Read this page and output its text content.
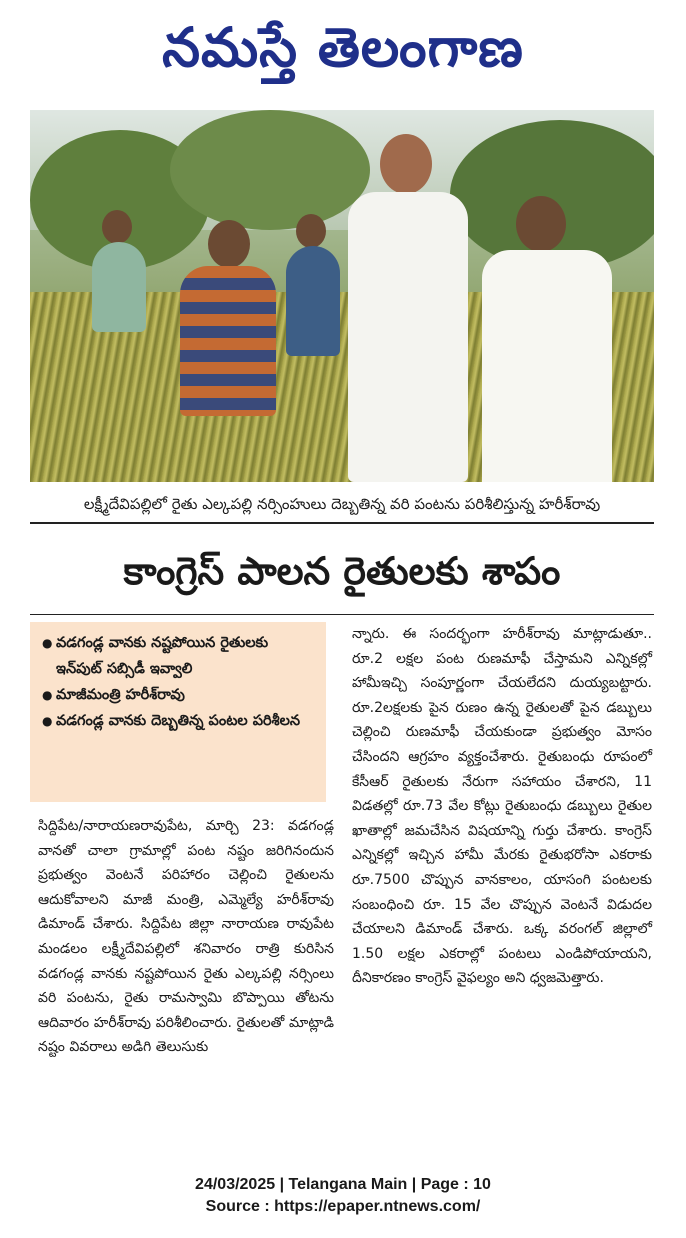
నమస్తే తెలంగాణ
లక్ష్మీదేవిపల్లిలో రైతు ఎల్కపల్లి నర్సింహులు దెబ్బతిన్న వరి పంటను పరిశీలిస్తున్న హరీశ్‌రావు
కాంగ్రెస్ పాలన రైతులకు శాపం
● వడగండ్ల వానకు నష్టపోయిన రైతులకు ఇన్‌పుట్ సబ్సిడీ ఇవ్వాలి
● మాజీమంత్రి హరీశ్‌రావు
● వడగండ్ల వానకు దెబ్బతిన్న పంటల పరిశీలన

సిద్దిపేట/నారాయణరావుపేట, మార్చి 23: వడగండ్ల వానతో చాలా గ్రామాల్లో పంట నష్టం జరిగినందున ప్రభుత్వం వెంటనే పరిహారం చెల్లించి రైతులను ఆదుకోవాలని మాజీ మంత్రి, ఎమ్మెల్యే హరీశ్‌రావు డిమాండ్ చేశారు. సిద్దిపేట జిల్లా నారాయణ రావుపేట మండలం లక్ష్మీదేవిపల్లిలో శనివారం రాత్రి కురిసిన వడగండ్ల వానకు నష్టపోయిన రైతు ఎల్కపల్లి నర్సింలు వరి పంటను, రైతు రామస్వామి బొప్పాయి తోటను ఆదివారం హరీశ్‌రావు పరిశీలించారు. రైతులతో మాట్లాడి నష్టం వివరాలు అడిగి తెలుసుకు

న్నారు. ఈ సందర్భంగా హరీశ్‌రావు మాట్లాడుతూ.. రూ.2 లక్షల పంట రుణమాఫీ చేస్తామని ఎన్నికల్లో హామీఇచ్చి సంపూర్ణంగా చేయలేదని దుయ్యబట్టారు. రూ.2లక్షలకు పైన రుణం ఉన్న రైతులతో పైన డబ్బులు చెల్లించి రుణమాఫీ చేయకుండా ప్రభుత్వం మోసం చేసిందని ఆగ్రహం వ్యక్తంచేశారు. రైతుబంధు రూపంలో కేసీఆర్ రైతులకు నేరుగా సహాయం చేశారని, 11 విడతల్లో రూ.73 వేల కోట్లు రైతుబంధు డబ్బులు రైతుల ఖాతాల్లో జమచేసిన విషయాన్ని గుర్తు చేశారు. కాంగ్రెస్ ఎన్నికల్లో ఇచ్చిన హామీ మేరకు రైతుభరోసా ఎకరాకు రూ.7500 చొప్పున వానకాలం, యాసంగి పంటలకు సంబంధించి రూ. 15 వేల చొప్పున వెంటనే విడుదల చేయాలని డిమాండ్ చేశారు. ఒక్క వరంగల్ జిల్లాలో 1.50 లక్షల ఎకరాల్లో పంటలు ఎండిపోయాయని, దీనికారణం కాంగ్రెస్ వైఫల్యం అని ధ్వజమెత్తారు.

24/03/2025 | Telangana Main | Page : 10
Source : https://epaper.ntnews.com/
